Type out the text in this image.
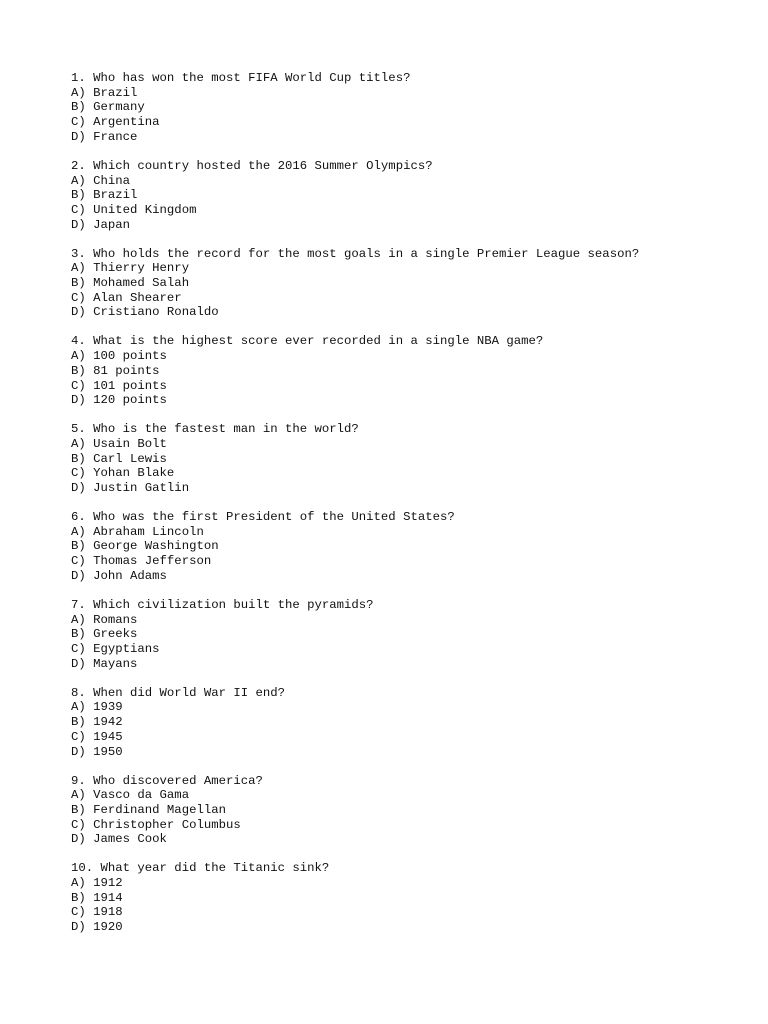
1. Who has won the most FIFA World Cup titles?
A) Brazil
B) Germany
C) Argentina
D) France
2. Which country hosted the 2016 Summer Olympics?
A) China
B) Brazil
C) United Kingdom
D) Japan
3. Who holds the record for the most goals in a single Premier League season?
A) Thierry Henry
B) Mohamed Salah
C) Alan Shearer
D) Cristiano Ronaldo
4. What is the highest score ever recorded in a single NBA game?
A) 100 points
B) 81 points
C) 101 points
D) 120 points
5. Who is the fastest man in the world?
A) Usain Bolt
B) Carl Lewis
C) Yohan Blake
D) Justin Gatlin
6. Who was the first President of the United States?
A) Abraham Lincoln
B) George Washington
C) Thomas Jefferson
D) John Adams
7. Which civilization built the pyramids?
A) Romans
B) Greeks
C) Egyptians
D) Mayans
8. When did World War II end?
A) 1939
B) 1942
C) 1945
D) 1950
9. Who discovered America?
A) Vasco da Gama
B) Ferdinand Magellan
C) Christopher Columbus
D) James Cook
10. What year did the Titanic sink?
A) 1912
B) 1914
C) 1918
D) 1920
